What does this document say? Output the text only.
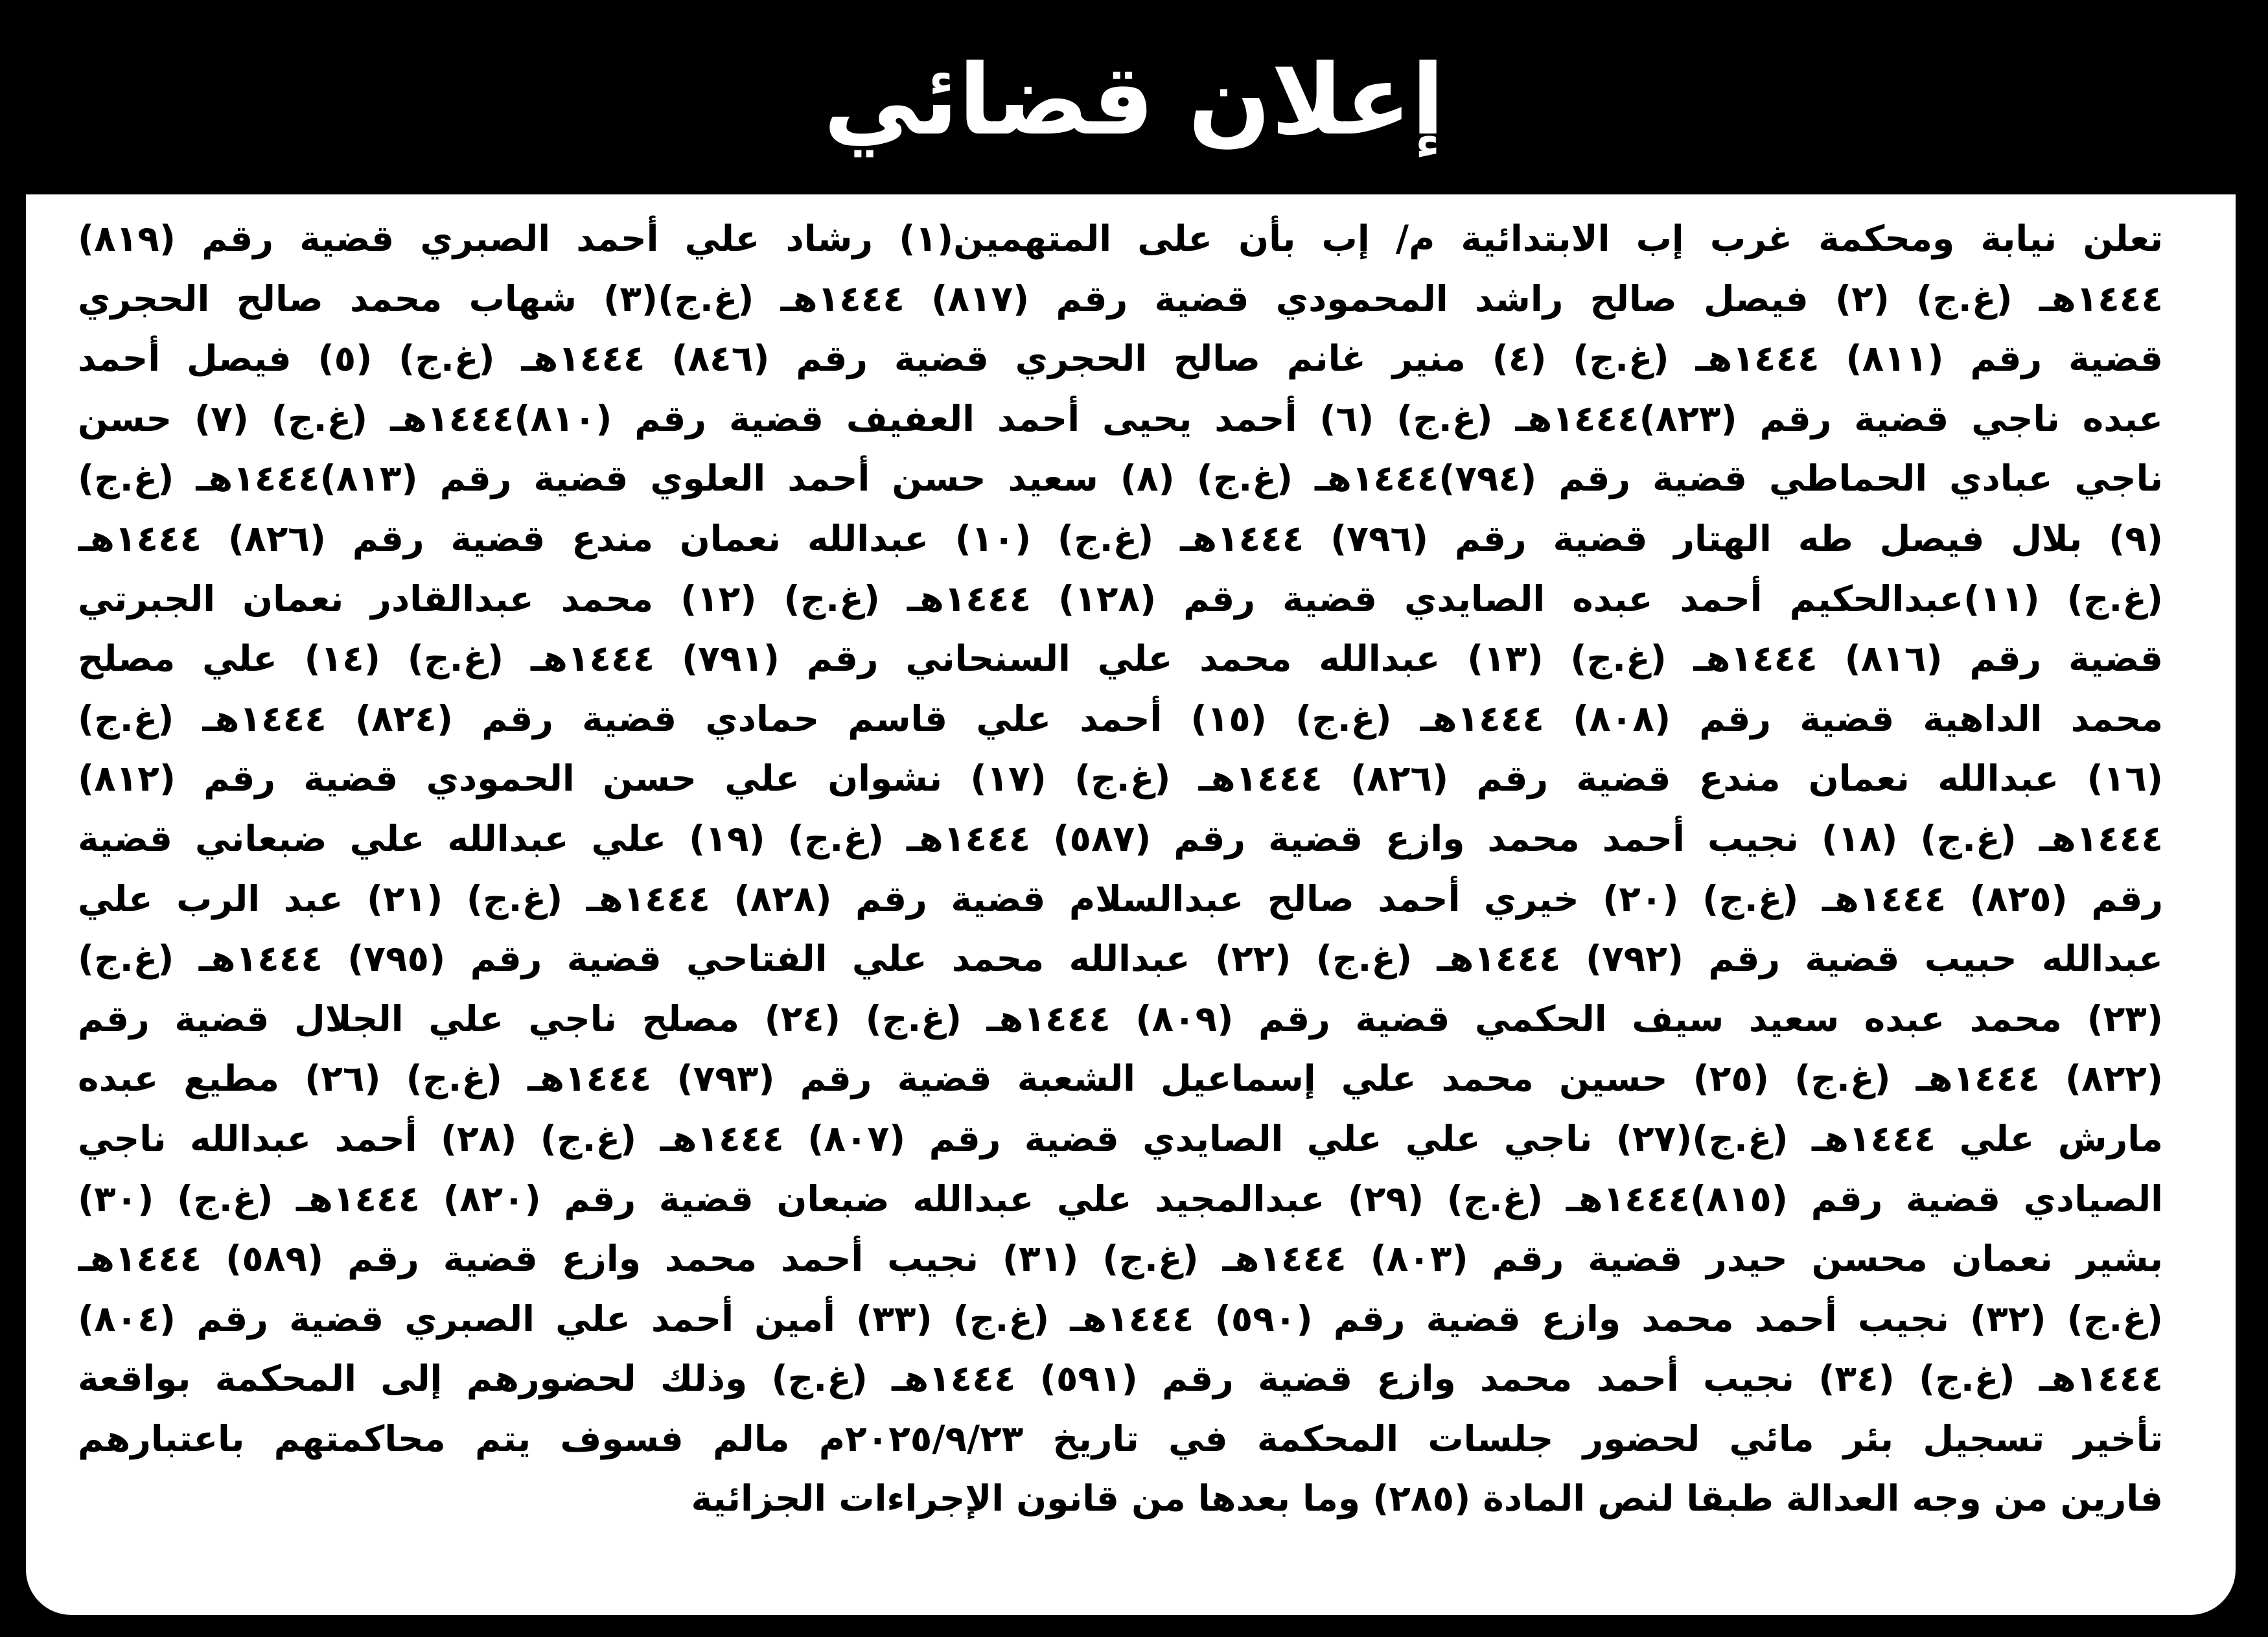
إعلان قضائي

تعلن نيابة ومحكمة غرب إب الابتدائية م/ إب بأن على المتهمين(١) رشاد علي أحمد الصبري قضية رقم (٨١٩)
١٤٤٤هـ (غ.ج) (٢) فيصل صالح راشد المحمودي قضية رقم (٨١٧) ١٤٤٤هـ (غ.ج)(٣) شهاب محمد صالح الحجري
قضية رقم (٨١١) ١٤٤٤هـ (غ.ج) (٤) منير غانم صالح الحجري قضية رقم (٨٤٦) ١٤٤٤هـ (غ.ج) (٥) فيصل أحمد
عبده ناجي قضية رقم (٨٢٣)١٤٤٤هـ (غ.ج) (٦) أحمد يحيى أحمد العفيف قضية رقم (٨١٠)١٤٤٤هـ (غ.ج) (٧) حسن
ناجي عبادي الحماطي قضية رقم (٧٩٤)١٤٤٤هـ (غ.ج) (٨) سعيد حسن أحمد العلوي قضية رقم (٨١٣)١٤٤٤هـ (غ.ج)
(٩) بلال فيصل طه الهتار قضية رقم (٧٩٦) ١٤٤٤هـ (غ.ج) (١٠) عبدالله نعمان مندع قضية رقم (٨٢٦) ١٤٤٤هـ
(غ.ج) (١١)عبدالحكيم أحمد عبده الصايدي قضية رقم (١٢٨) ١٤٤٤هـ (غ.ج) (١٢) محمد عبدالقادر نعمان الجبرتي
قضية رقم (٨١٦) ١٤٤٤هـ (غ.ج) (١٣) عبدالله محمد علي السنحاني رقم (٧٩١) ١٤٤٤هـ (غ.ج) (١٤) علي مصلح
محمد الداهية قضية رقم (٨٠٨) ١٤٤٤هـ (غ.ج) (١٥) أحمد علي قاسم حمادي قضية رقم (٨٢٤) ١٤٤٤هـ (غ.ج)
(١٦) عبدالله نعمان مندع قضية رقم (٨٢٦) ١٤٤٤هـ (غ.ج) (١٧) نشوان علي حسن الحمودي قضية رقم (٨١٢)
١٤٤٤هـ (غ.ج) (١٨) نجيب أحمد محمد وازع قضية رقم (٥٨٧) ١٤٤٤هـ (غ.ج) (١٩) علي عبدالله علي ضبعاني قضية
رقم (٨٢٥) ١٤٤٤هـ (غ.ج) (٢٠) خيري أحمد صالح عبدالسلام قضية رقم (٨٢٨) ١٤٤٤هـ (غ.ج) (٢١) عبد الرب علي
عبدالله حبيب قضية رقم (٧٩٢) ١٤٤٤هـ (غ.ج) (٢٢) عبدالله محمد علي الفتاحي قضية رقم (٧٩٥) ١٤٤٤هـ (غ.ج)
(٢٣) محمد عبده سعيد سيف الحكمي قضية رقم (٨٠٩) ١٤٤٤هـ (غ.ج) (٢٤) مصلح ناجي علي الجلال قضية رقم
(٨٢٢) ١٤٤٤هـ (غ.ج) (٢٥) حسين محمد علي إسماعيل الشعبة قضية رقم (٧٩٣) ١٤٤٤هـ (غ.ج) (٢٦) مطيع عبده
مارش علي ١٤٤٤هـ (غ.ج)(٢٧) ناجي علي علي الصايدي قضية رقم (٨٠٧) ١٤٤٤هـ (غ.ج) (٢٨) أحمد عبدالله ناجي
الصيادي قضية رقم (٨١٥)١٤٤٤هـ (غ.ج) (٢٩) عبدالمجيد علي عبدالله ضبعان قضية رقم (٨٢٠) ١٤٤٤هـ (غ.ج) (٣٠)
بشير نعمان محسن حيدر قضية رقم (٨٠٣) ١٤٤٤هـ (غ.ج) (٣١) نجيب أحمد محمد وازع قضية رقم (٥٨٩) ١٤٤٤هـ
(غ.ج) (٣٢) نجيب أحمد محمد وازع قضية رقم (٥٩٠) ١٤٤٤هـ (غ.ج) (٣٣) أمين أحمد علي الصبري قضية رقم (٨٠٤)
١٤٤٤هـ (غ.ج) (٣٤) نجيب أحمد محمد وازع قضية رقم (٥٩١) ١٤٤٤هـ (غ.ج) وذلك لحضورهم إلى المحكمة بواقعة
تأخير تسجيل بئر مائي لحضور جلسات المحكمة في تاريخ ٢٠٢٥/٩/٢٣م مالم فسوف يتم محاكمتهم باعتبارهم
فارين من وجه العدالة طبقا لنص المادة (٢٨٥) وما بعدها من قانون الإجراءات الجزائية
